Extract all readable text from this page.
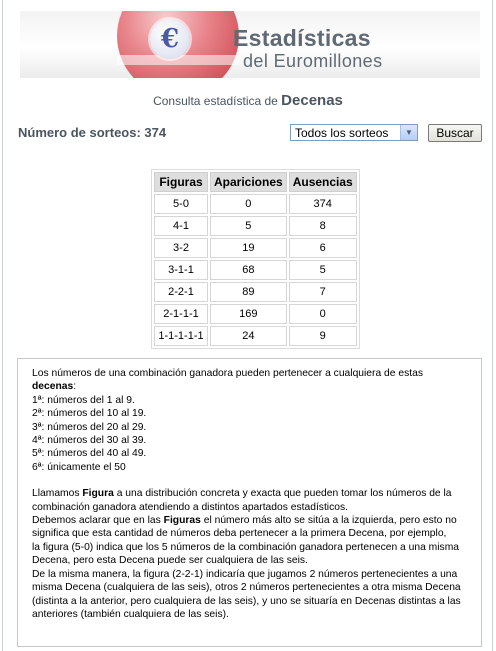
€	Estadísticas
del Euromillones
Consulta estadística de Decenas
Número de sorteos: 374	Todos los sorteos	▼	Buscar
Figuras	Apariciones	Ausencias
5-0	0	374
4-1	5	8
3-2	19	6
3-1-1	68	5
2-2-1	89	7
2-1-1-1	169	0
1-1-1-1-1	24	9

Los números de una combinación ganadora pueden pertenecer a cualquiera de estas
decenas:

1ª: números del 1 al 9.

2ª: números del 10 al 19.

3ª: números del 20 al 29.

4ª: números del 30 al 39.

5ª: números del 40 al 49.

6ª: únicamente el 50

Llamamos Figura a una distribución concreta y exacta que pueden tomar los números de la combinación ganadora atendiendo a distintos apartados estadísticos.

Debemos aclarar que en las Figuras el número más alto se sitúa a la izquierda, pero esto no significa que esta cantidad de números deba pertenecer a la primera Decena, por ejemplo,

la figura (5-0) indica que los 5 números de la combinación ganadora pertenecen a una misma Decena, pero esta Decena puede ser cualquiera de las seis.

De la misma manera, la figura (2-2-1) indicaría que jugamos 2 números pertenecientes a una misma Decena (cualquiera de las seis), otros 2 números pertenecientes a otra misma Decena (distinta a la anterior, pero cualquiera de las seis), y uno se situaría en Decenas distintas a las anteriores (también cualquiera de las seis).
